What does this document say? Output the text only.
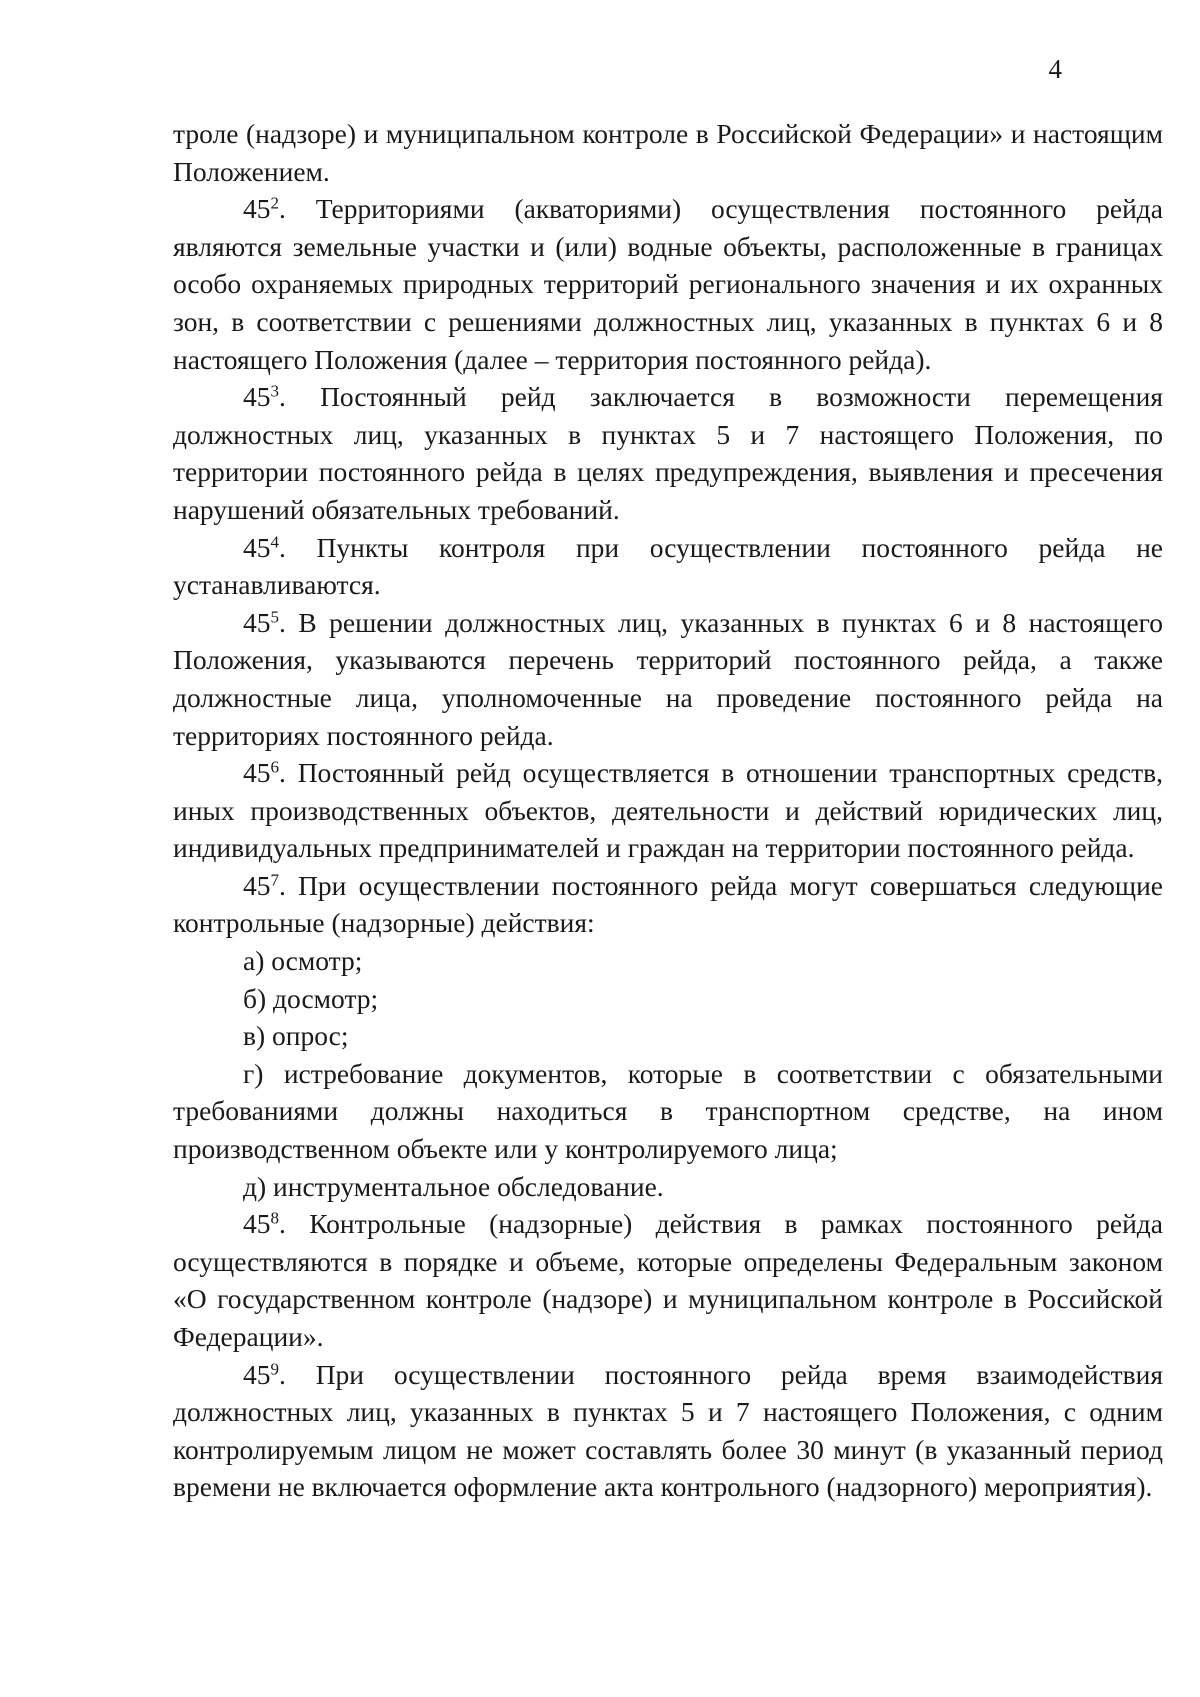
4

троле (надзоре) и муниципальном контроле в Российской Федерации» и настоящим Положением.

$45^2$. Территориями (акваториями) осуществления постоянного рейда являются земельные участки и (или) водные объекты, расположенные в границах особо охраняемых природных территорий регионального значения и их охранных зон, в соответствии с решениями должностных лиц, указанных в пунктах 6 и 8 настоящего Положения (далее – территория постоянного рейда).

$45^3$. Постоянный рейд заключается в возможности перемещения должностных лиц, указанных в пунктах 5 и 7 настоящего Положения, по территории постоянного рейда в целях предупреждения, выявления и пресечения нарушений обязательных требований.

$45^4$. Пункты контроля при осуществлении постоянного рейда не устанавливаются.

$45^5$. В решении должностных лиц, указанных в пунктах 6 и 8 настоящего Положения, указываются перечень территорий постоянного рейда, а также должностные лица, уполномоченные на проведение постоянного рейда на территориях постоянного рейда.

$45^6$. Постоянный рейд осуществляется в отношении транспортных средств, иных производственных объектов, деятельности и действий юридических лиц, индивидуальных предпринимателей и граждан на территории постоянного рейда.

$45^7$. При осуществлении постоянного рейда могут совершаться следующие контрольные (надзорные) действия:

а) осмотр;

б) досмотр;

в) опрос;

г) истребование документов, которые в соответствии с обязательными требованиями должны находиться в транспортном средстве, на ином производственном объекте или у контролируемого лица;

д) инструментальное обследование.

$45^8$. Контрольные (надзорные) действия в рамках постоянного рейда осуществляются в порядке и объеме, которые определены Федеральным законом «О государственном контроле (надзоре) и муниципальном контроле в Российской Федерации».

$45^9$. При осуществлении постоянного рейда время взаимодействия должностных лиц, указанных в пунктах 5 и 7 настоящего Положения, с одним контролируемым лицом не может составлять более 30 минут (в указанный период времени не включается оформление акта контрольного (надзорного) мероприятия).
